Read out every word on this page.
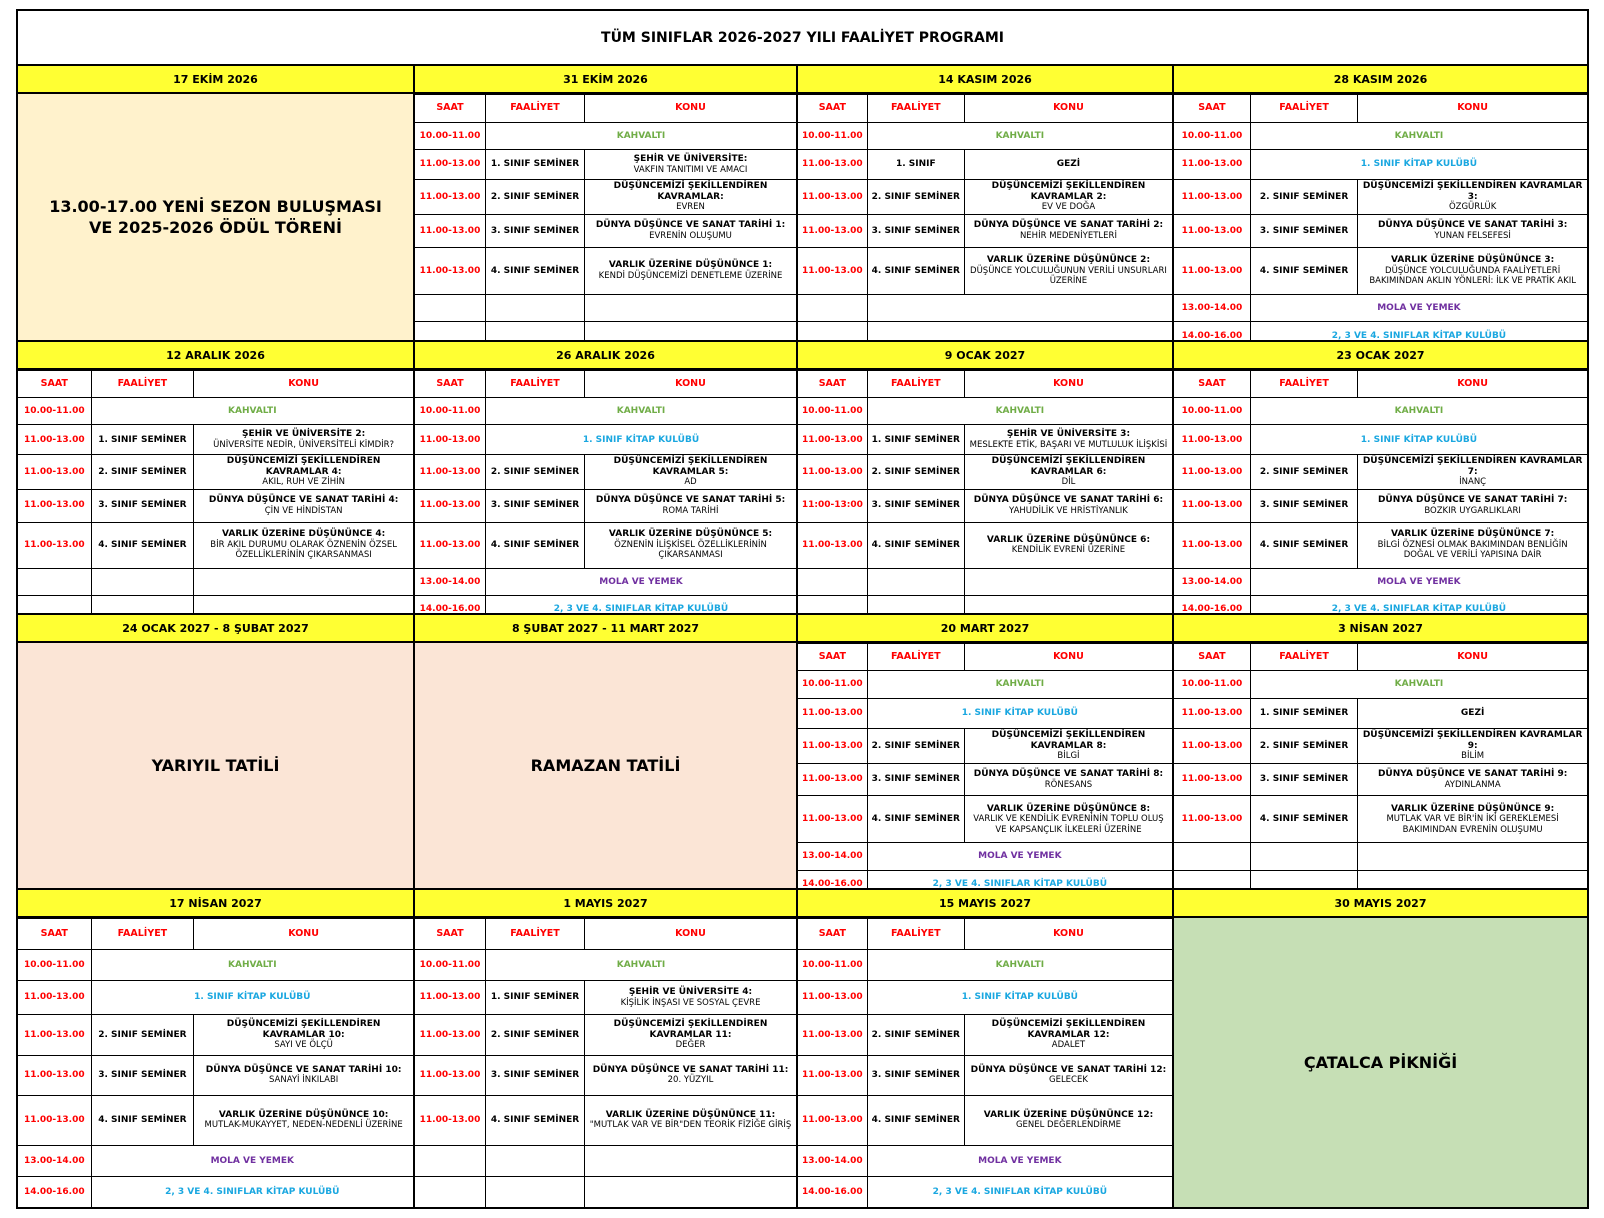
TÜM SINIFLAR 2026-2027 YILI FAALİYET PROGRAMI
17 EKİM 2026
13.00-17.00 YENİ SEZON BULUŞMASI VE 2025-2026 ÖDÜL TÖRENİ
31 EKİM 2026
SAAT	FAALİYET	KONU
10.00-11.00	KAHVALTI	
11.00-13.00	1. SINIF SEMİNER	ŞEHİR VE ÜNİVERSİTE:
VAKFIN TANITIMI VE AMACI

11.00-13.00	2. SINIF SEMİNER	DÜŞÜNCEMİZİ ŞEKİLLENDİREN KAVRAMLAR:
EVREN

11.00-13.00	3. SINIF SEMİNER	DÜNYA DÜŞÜNCE VE SANAT TARİHİ 1:
EVRENİN OLUŞUMU

11.00-13.00	4. SINIF SEMİNER	VARLIK ÜZERİNE DÜŞÜNÜNCE 1:
KENDİ DÜŞÜNCEMİZİ DENETLEME ÜZERİNE

14 KASIM 2026
SAAT	FAALİYET	KONU
10.00-11.00	KAHVALTI	
11.00-13.00	1. SINIF	GEZİ

11.00-13.00	2. SINIF SEMİNER	DÜŞÜNCEMİZİ ŞEKİLLENDİREN KAVRAMLAR 2:
EV VE DOĞA

11.00-13.00	3. SINIF SEMİNER	DÜNYA DÜŞÜNCE VE SANAT TARİHİ 2:
NEHİR MEDENİYETLERİ

11.00-13.00	4. SINIF SEMİNER	VARLIK ÜZERİNE DÜŞÜNÜNCE 2:
DÜŞÜNCE YOLCULUĞUNUN VERİLİ UNSURLARI ÜZERİNE

28 KASIM 2026
SAAT	FAALİYET	KONU
10.00-11.00	KAHVALTI	
11.00-13.00	1. SINIF KİTAP KULÜBÜ	
11.00-13.00	2. SINIF SEMİNER	DÜŞÜNCEMİZİ ŞEKİLLENDİREN KAVRAMLAR 3:
ÖZGÜRLÜK

11.00-13.00	3. SINIF SEMİNER	DÜNYA DÜŞÜNCE VE SANAT TARİHİ 3:
YUNAN FELSEFESİ

11.00-13.00	4. SINIF SEMİNER	VARLIK ÜZERİNE DÜŞÜNÜNCE 3:
DÜŞÜNCE YOLCULUĞUNDA FAALİYETLERİ BAKIMINDAN AKLIN YÖNLERİ: İLK VE PRATİK AKIL

13.00-14.00	MOLA VE YEMEK	
14.00-16.00	2, 3 VE 4. SINIFLAR KİTAP KULÜBÜ	
12 ARALIK 2026
SAAT	FAALİYET	KONU
10.00-11.00	KAHVALTI	
11.00-13.00	1. SINIF SEMİNER	ŞEHİR VE ÜNİVERSİTE 2:
ÜNİVERSİTE NEDİR, ÜNİVERSİTELİ KİMDİR?

11.00-13.00	2. SINIF SEMİNER	DÜŞÜNCEMİZİ ŞEKİLLENDİREN KAVRAMLAR 4:
AKIL, RUH VE ZİHİN

11.00-13.00	3. SINIF SEMİNER	DÜNYA DÜŞÜNCE VE SANAT TARİHİ 4:
ÇİN VE HİNDİSTAN

11.00-13.00	4. SINIF SEMİNER	VARLIK ÜZERİNE DÜŞÜNÜNCE 4:
BİR AKIL DURUMU OLARAK ÖZNENİN ÖZSEL ÖZELLİKLERİNİN ÇIKARSANMASI

26 ARALIK 2026
SAAT	FAALİYET	KONU
10.00-11.00	KAHVALTI	
11.00-13.00	1. SINIF KİTAP KULÜBÜ	
11.00-13.00	2. SINIF SEMİNER	DÜŞÜNCEMİZİ ŞEKİLLENDİREN KAVRAMLAR 5:
AD

11.00-13.00	3. SINIF SEMİNER	DÜNYA DÜŞÜNCE VE SANAT TARİHİ 5:
ROMA TARİHİ

11.00-13.00	4. SINIF SEMİNER	VARLIK ÜZERİNE DÜŞÜNÜNCE 5:
ÖZNENİN İLİŞKİSEL ÖZELLİKLERİNİN ÇIKARSANMASI

13.00-14.00	MOLA VE YEMEK	
14.00-16.00	2, 3 VE 4. SINIFLAR KİTAP KULÜBÜ	
9 OCAK 2027
SAAT	FAALİYET	KONU
10.00-11.00	KAHVALTI	
11.00-13.00	1. SINIF SEMİNER	ŞEHİR VE ÜNİVERSİTE 3:
MESLEKTE ETİK, BAŞARI VE MUTLULUK İLİŞKİSİ

11.00-13.00	2. SINIF SEMİNER	DÜŞÜNCEMİZİ ŞEKİLLENDİREN KAVRAMLAR 6:
DİL

11:00-13:00	3. SINIF SEMİNER	DÜNYA DÜŞÜNCE VE SANAT TARİHİ 6:
YAHUDİLİK VE HRİSTİYANLIK

11.00-13.00	4. SINIF SEMİNER	VARLIK ÜZERİNE DÜŞÜNÜNCE 6:
KENDİLİK EVRENİ ÜZERİNE

23 OCAK 2027
SAAT	FAALİYET	KONU
10.00-11.00	KAHVALTI	
11.00-13.00	1. SINIF KİTAP KULÜBÜ	
11.00-13.00	2. SINIF SEMİNER	DÜŞÜNCEMİZİ ŞEKİLLENDİREN KAVRAMLAR 7:
İNANÇ

11.00-13.00	3. SINIF SEMİNER	DÜNYA DÜŞÜNCE VE SANAT TARİHİ 7:
BOZKIR UYGARLIKLARI

11.00-13.00	4. SINIF SEMİNER	VARLIK ÜZERİNE DÜŞÜNÜNCE 7:
BİLGİ ÖZNESİ OLMAK BAKIMINDAN BENLİĞİN DOĞAL VE VERİLİ YAPISINA DAİR

13.00-14.00	MOLA VE YEMEK	
14.00-16.00	2, 3 VE 4. SINIFLAR KİTAP KULÜBÜ	
24 OCAK 2027 - 8 ŞUBAT 2027
YARIYIL TATİLİ
8 ŞUBAT 2027 - 11 MART 2027
RAMAZAN TATİLİ
20 MART 2027
SAAT	FAALİYET	KONU
10.00-11.00	KAHVALTI	
11.00-13.00	1. SINIF KİTAP KULÜBÜ	
11.00-13.00	2. SINIF SEMİNER	DÜŞÜNCEMİZİ ŞEKİLLENDİREN KAVRAMLAR 8:
BİLGİ

11.00-13.00	3. SINIF SEMİNER	DÜNYA DÜŞÜNCE VE SANAT TARİHİ 8:
RÖNESANS

11.00-13.00	4. SINIF SEMİNER	VARLIK ÜZERİNE DÜŞÜNÜNCE 8:
VARLIK VE KENDİLİK EVRENİNİN TOPLU OLUŞ VE KAPSANÇLIK İLKELERİ ÜZERİNE

13.00-14.00	MOLA VE YEMEK	
14.00-16.00	2, 3 VE 4. SINIFLAR KİTAP KULÜBÜ	
3 NİSAN 2027
SAAT	FAALİYET	KONU
10.00-11.00	KAHVALTI	
11.00-13.00	1. SINIF SEMİNER	GEZİ

11.00-13.00	2. SINIF SEMİNER	DÜŞÜNCEMİZİ ŞEKİLLENDİREN KAVRAMLAR 9:
BİLİM

11.00-13.00	3. SINIF SEMİNER	DÜNYA DÜŞÜNCE VE SANAT TARİHİ 9:
AYDINLANMA

11.00-13.00	4. SINIF SEMİNER	VARLIK ÜZERİNE DÜŞÜNÜNCE 9:
MUTLAK VAR VE BİR'İN İKİ GEREKLEMESİ BAKIMINDAN EVRENİN OLUŞUMU

17 NİSAN 2027
SAAT	FAALİYET	KONU
10.00-11.00	KAHVALTI	
11.00-13.00	1. SINIF KİTAP KULÜBÜ	
11.00-13.00	2. SINIF SEMİNER	DÜŞÜNCEMİZİ ŞEKİLLENDİREN KAVRAMLAR 10:
SAYI VE ÖLÇÜ

11.00-13.00	3. SINIF SEMİNER	DÜNYA DÜŞÜNCE VE SANAT TARİHİ 10:
SANAYİ İNKILABI

11.00-13.00	4. SINIF SEMİNER	VARLIK ÜZERİNE DÜŞÜNÜNCE 10:
MUTLAK-MUKAYYET, NEDEN-NEDENLİ ÜZERİNE

13.00-14.00	MOLA VE YEMEK	
14.00-16.00	2, 3 VE 4. SINIFLAR KİTAP KULÜBÜ	
1 MAYIS 2027
SAAT	FAALİYET	KONU
10.00-11.00	KAHVALTI	
11.00-13.00	1. SINIF SEMİNER	ŞEHİR VE ÜNİVERSİTE 4:
KİŞİLİK İNŞASI VE SOSYAL ÇEVRE

11.00-13.00	2. SINIF SEMİNER	DÜŞÜNCEMİZİ ŞEKİLLENDİREN KAVRAMLAR 11:
DEĞER

11.00-13.00	3. SINIF SEMİNER	DÜNYA DÜŞÜNCE VE SANAT TARİHİ 11:
20. YÜZYIL

11.00-13.00	4. SINIF SEMİNER	VARLIK ÜZERİNE DÜŞÜNÜNCE 11:
"MUTLAK VAR VE BİR"DEN TEORİK FİZİĞE GİRİŞ

15 MAYIS 2027
SAAT	FAALİYET	KONU
10.00-11.00	KAHVALTI	
11.00-13.00	1. SINIF KİTAP KULÜBÜ	
11.00-13.00	2. SINIF SEMİNER	DÜŞÜNCEMİZİ ŞEKİLLENDİREN KAVRAMLAR 12:
ADALET

11.00-13.00	3. SINIF SEMİNER	DÜNYA DÜŞÜNCE VE SANAT TARİHİ 12:
GELECEK

11.00-13.00	4. SINIF SEMİNER	VARLIK ÜZERİNE DÜŞÜNÜNCE 12:
GENEL DEĞERLENDİRME

13.00-14.00	MOLA VE YEMEK	
14.00-16.00	2, 3 VE 4. SINIFLAR KİTAP KULÜBÜ	
30 MAYIS 2027
ÇATALCA PİKNİĞİ
